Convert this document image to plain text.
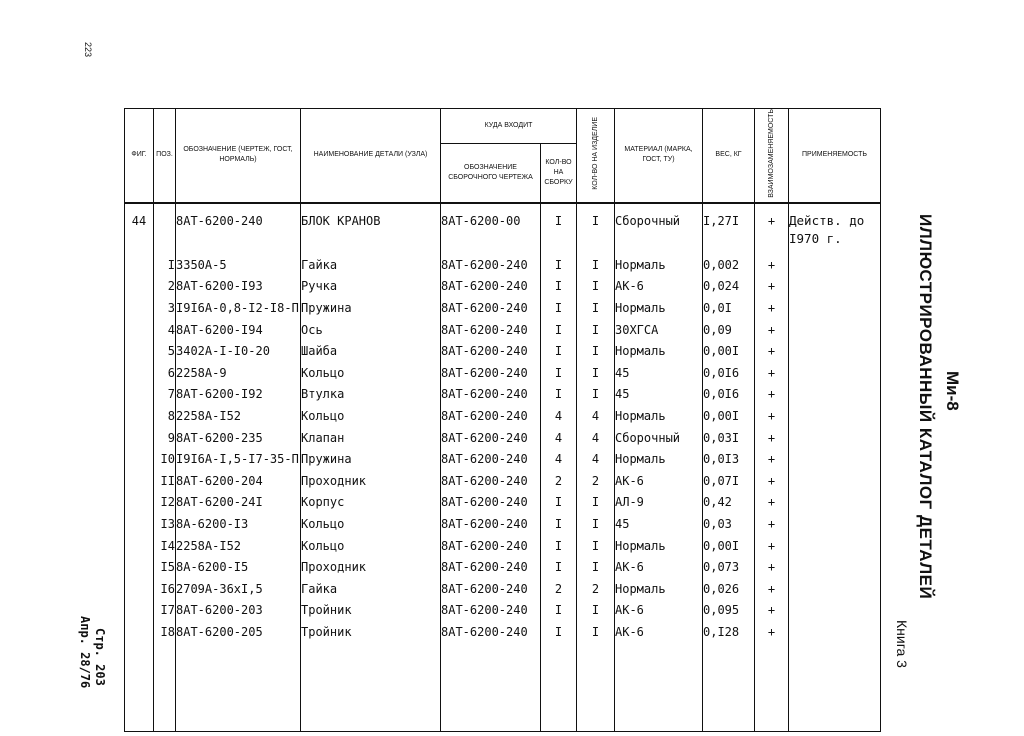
223
ФИГ.	ПОЗ.	ОБОЗНАЧЕНИЕ (ЧЕРТЕЖ, ГОСТ, НОРМАЛЬ)	НАИМЕНОВАНИЕ ДЕТАЛИ (УЗЛА)	КУДА ВХОДИТ		КОЛ-ВО НА ИЗДЕЛИЕ	МАТЕРИАЛ (МАРКА, ГОСТ, ТУ)	ВЕС, КГ	ВЗАИМОЗАМЕНЯЕМОСТЬ	ПРИМЕНЯЕМОСТЬ
				ОБОЗНАЧЕНИЕ СБОРОЧНОГО ЧЕРТЕЖА	КОЛ-ВО НА СБОРКУ					
44		8АТ-6200-240	БЛОК КРАНОВ	8АТ-6200-00	I	I	Сборочный	I,27I	+	Действ. до I970 г.
	I	3350А-5	Гайка	8АТ-6200-240	I	I	Нормаль	0,002	+	
	2	8АТ-6200-I93	Ручка	8АТ-6200-240	I	I	АК-6	0,024	+	
	3	I9I6А-0,8-I2-I8-П	Пружина	8АТ-6200-240	I	I	Нормаль	0,0I	+	
	4	8АТ-6200-I94	Ось	8АТ-6200-240	I	I	30ХГСА	0,09	+	
	5	3402А-I-I0-20	Шайба	8АТ-6200-240	I	I	Нормаль	0,00I	+	
	6	2258А-9	Кольцо	8АТ-6200-240	I	I	45	0,0I6	+	
	7	8АТ-6200-I92	Втулка	8АТ-6200-240	I	I	45	0,0I6	+	
	8	2258А-I52	Кольцо	8АТ-6200-240	4	4	Нормаль	0,00I	+	
	9	8АТ-6200-235	Клапан	8АТ-6200-240	4	4	Сборочный	0,03I	+	
	I0	I9I6А-I,5-I7-35-П	Пружина	8АТ-6200-240	4	4	Нормаль	0,0I3	+	
	II	8АТ-6200-204	Проходник	8АТ-6200-240	2	2	АК-6	0,07I	+	
	I2	8АТ-6200-24I	Корпус	8АТ-6200-240	I	I	АЛ-9	0,42	+	
	I3	8А-6200-I3	Кольцо	8АТ-6200-240	I	I	45	0,03	+	
	I4	2258А-I52	Кольцо	8АТ-6200-240	I	I	Нормаль	0,00I	+	
	I5	8А-6200-I5	Проходник	8АТ-6200-240	I	I	АК-6	0,073	+	
	I6	2709А-36хI,5	Гайка	8АТ-6200-240	2	2	Нормаль	0,026	+	
	I7	8АТ-6200-203	Тройник	8АТ-6200-240	I	I	АК-6	0,095	+	
	I8	8АТ-6200-205	Тройник	8АТ-6200-240	I	I	АК-6	0,I28	+	

ИЛЛЮСТРИРОВАННЫЙ КАТАЛОГ ДЕТАЛЕЙ Ми-8
Книга 3
Стр. 203
Апр. 28/76
